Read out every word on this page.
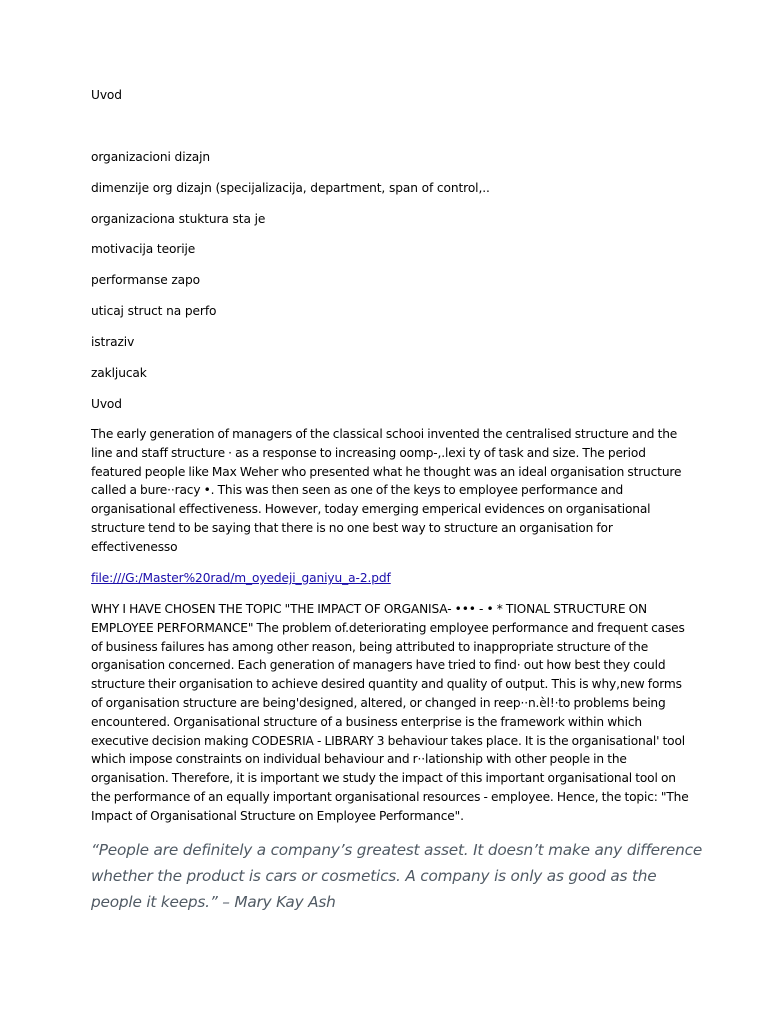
Uvod
organizacioni dizajn
dimenzije org dizajn (specijalizacija, department, span of control,..
organizaciona stuktura sta je
motivacija teorije
performanse zapo
uticaj struct na perfo
istraziv
zakljucak
Uvod
The early generation of managers of the classical schooi invented the centralised structure and the
line and staff structure · as a response to increasing oomp-,.lexi ty of task and size. The period
featured people like Max Weher who presented what he thought was an ideal organisation structure
called a bure··racy •. This was then seen as one of the keys to employee performance and
organisational effectiveness. However, today emerging emperical evidences on organisational
structure tend to be saying that there is no one best way to structure an organisation for
effectivenesso
file:///G:/Master%20rad/m_oyedeji_ganiyu_a-2.pdf
WHY I HAVE CHOSEN THE TOPIC "THE IMPACT OF ORGANISA- ••• - • * TIONAL STRUCTURE ON
EMPLOYEE PERFORMANCE" The problem of.deteriorating employee performance and frequent cases
of business failures has among other reason, being attributed to inappropriate structure of the
organisation concerned. Each generation of managers have tried to find· out how best they could
structure their organisation to achieve desired quantity and quality of output. This is why,new forms
of organisation structure are being'designed, altered, or changed in reep··n.èl!·to problems being
encountered. Organisational structure of a business enterprise is the framework within which
executive decision making CODESRIA - LIBRARY 3 behaviour takes place. It is the organisational' tool
which impose constraints on individual behaviour and r··lationship with other people in the
organisation. Therefore, it is important we study the impact of this important organisational tool on
the performance of an equally important organisational resources - employee. Hence, the topic: "The
Impact of Organisational Structure on Employee Performance".
“People are definitely a company’s greatest asset. It doesn’t make any difference
whether the product is cars or cosmetics. A company is only as good as the
people it keeps.” – Mary Kay Ash
